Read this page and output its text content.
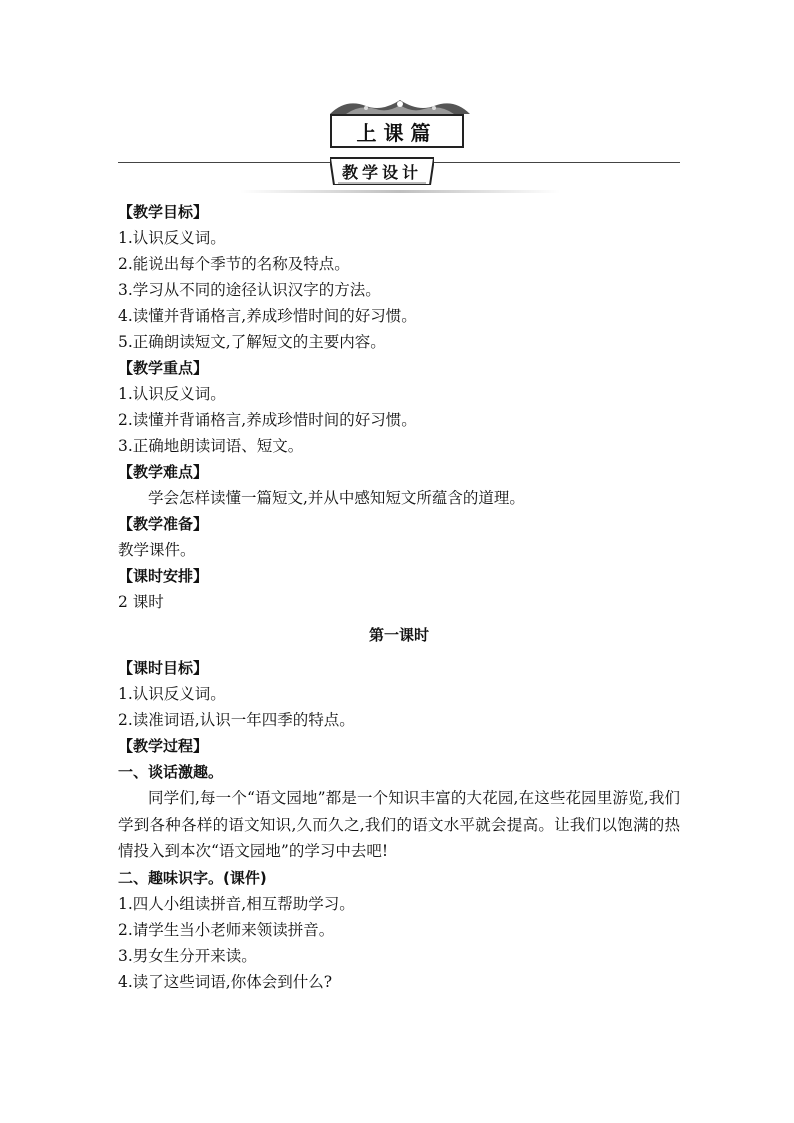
上课篇
教学设计
【教学目标】
1.认识反义词。
2.能说出每个季节的名称及特点。
3.学习从不同的途径认识汉字的方法。
4.读懂并背诵格言,养成珍惜时间的好习惯。
5.正确朗读短文,了解短文的主要内容。
【教学重点】
1.认识反义词。
2.读懂并背诵格言,养成珍惜时间的好习惯。
3.正确地朗读词语、短文。
【教学难点】
学会怎样读懂一篇短文,并从中感知短文所蕴含的道理。
【教学准备】
教学课件。
【课时安排】
2 课时
第一课时
【课时目标】
1.认识反义词。
2.读准词语,认识一年四季的特点。
【教学过程】
一、谈话激趣。
同学们,每一个“语文园地”都是一个知识丰富的大花园,在这些花园里游览,我们学到各种各样的语文知识,久而久之,我们的语文水平就会提高。让我们以饱满的热情投入到本次“语文园地”的学习中去吧!
二、趣味识字。(课件)
1.四人小组读拼音,相互帮助学习。
2.请学生当小老师来领读拼音。
3.男女生分开来读。
4.读了这些词语,你体会到什么?
